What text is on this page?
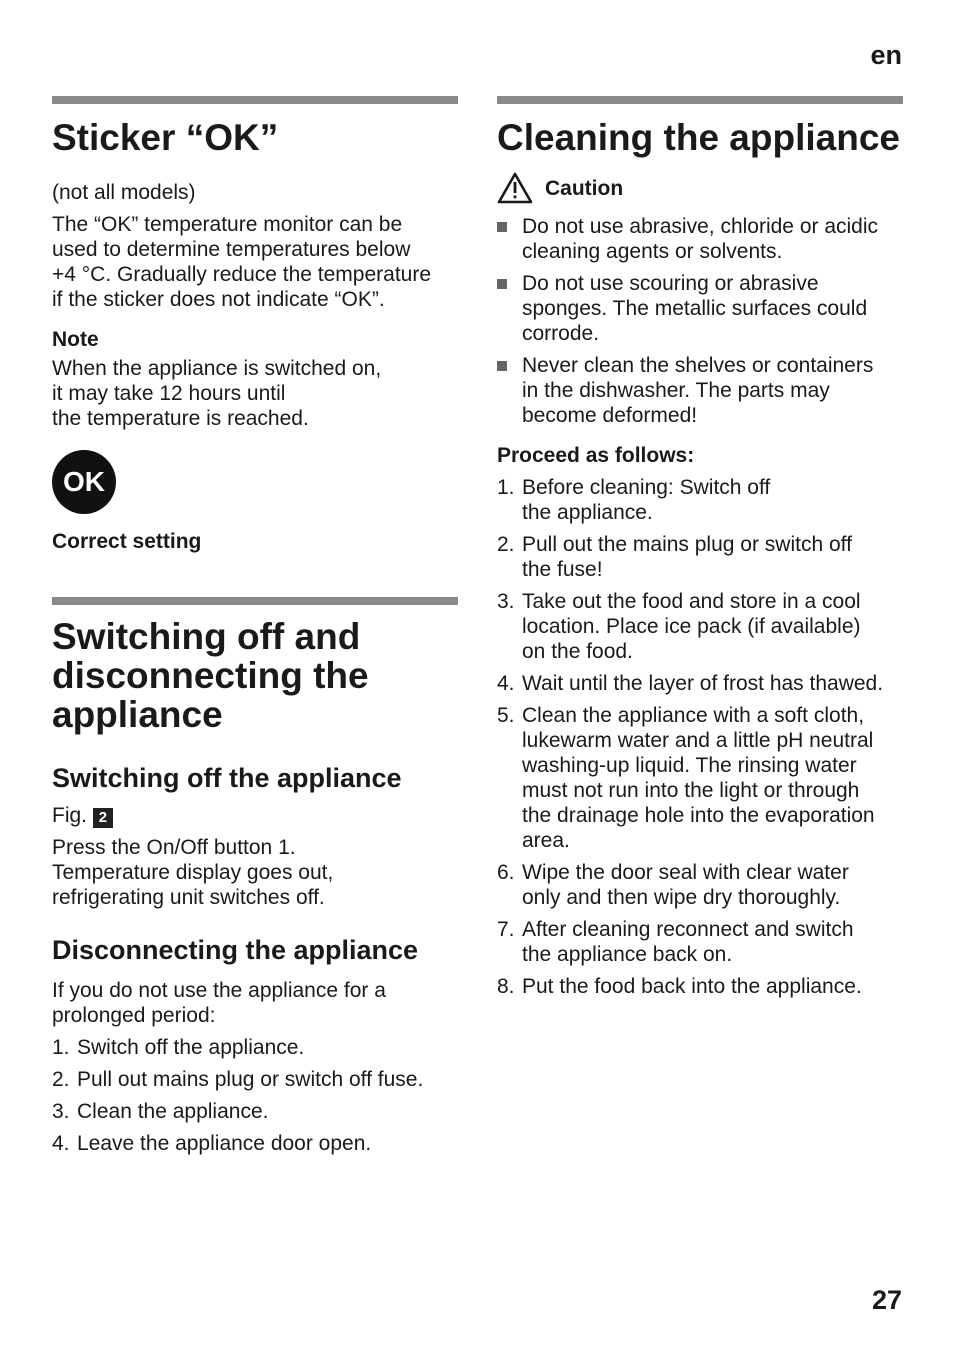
en
Sticker “OK”

(not all models)

The “OK” temperature monitor can be

used to determine temperatures below

+4 °C. Gradually reduce the temperature

if the sticker does not indicate “OK”.

Note

When the appliance is switched on,

it may take 12 hours until

the temperature is reached.

OK
Correct setting
Switching off and
disconnecting the
appliance
Switching off the appliance

Fig. 2

Press the On/Off button 1.

Temperature display goes out,

refrigerating unit switches off.

Disconnecting the appliance

If you do not use the appliance for a

prolonged period:

1. Switch off the appliance.
2. Pull out mains plug or switch off fuse.
3. Clean the appliance.
4. Leave the appliance door open.
Cleaning the appliance
Caution

Do not use abrasive, chloride or acidic

cleaning agents or solvents.

Do not use scouring or abrasive

sponges. The metallic surfaces could

corrode.

Never clean the shelves or containers

in the dishwasher. The parts may

become deformed!

Proceed as follows:
1. Before cleaning: Switch off

the appliance.

2. Pull out the mains plug or switch off

the fuse!

3. Take out the food and store in a cool

location. Place ice pack (if available)

on the food.

4. Wait until the layer of frost has thawed.

5. Clean the appliance with a soft cloth,

lukewarm water and a little pH neutral

washing-up liquid. The rinsing water

must not run into the light or through

the drainage hole into the evaporation

area.

6. Wipe the door seal with clear water

only and then wipe dry thoroughly.

7. After cleaning reconnect and switch

the appliance back on.

8. Put the food back into the appliance.

27
